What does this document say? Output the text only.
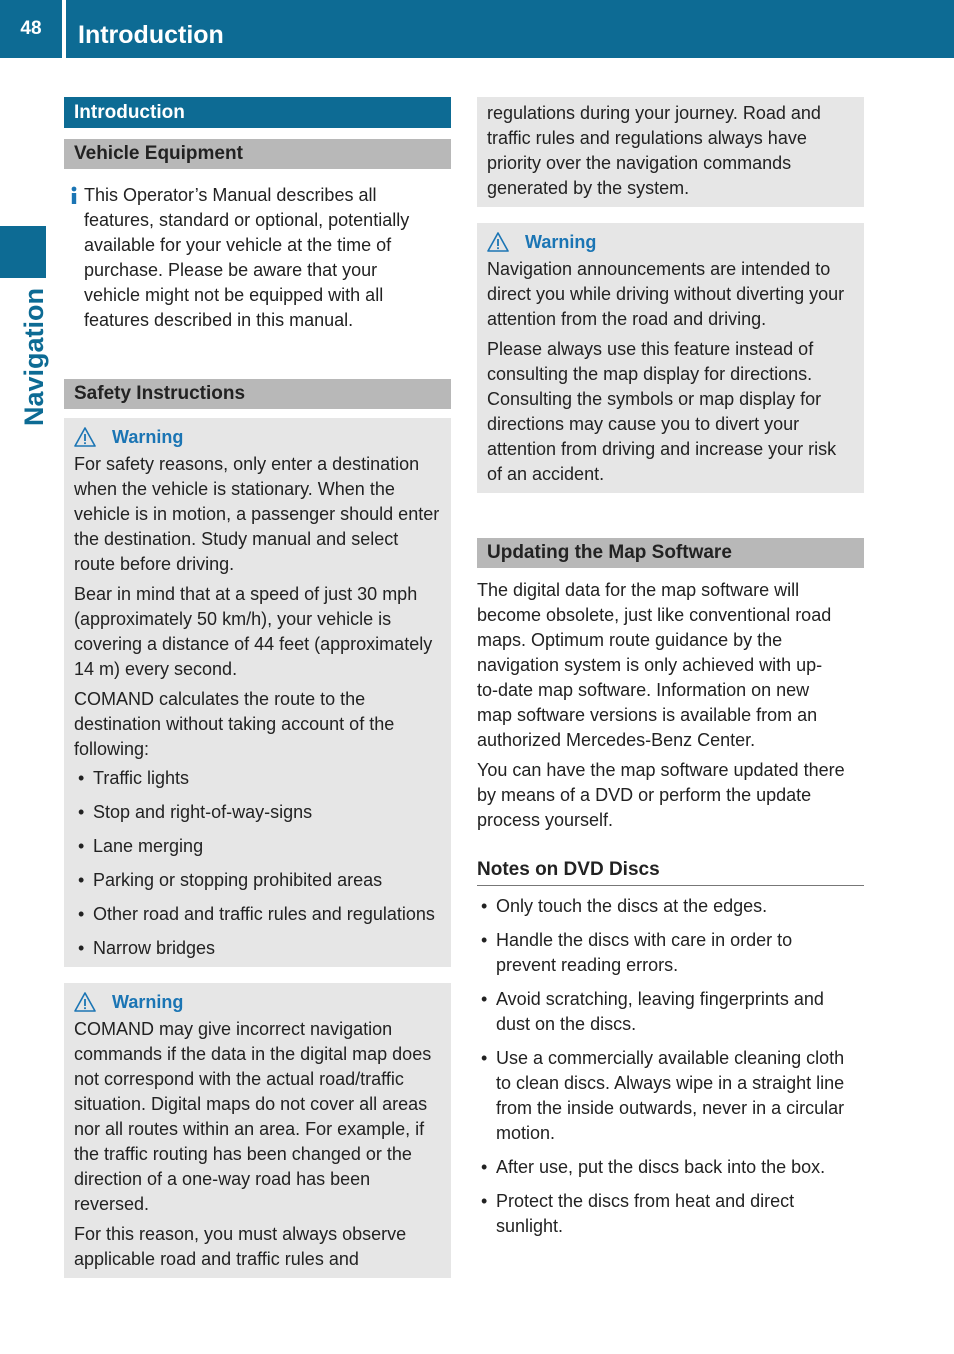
48	Introduction
Navigation
Introduction
Vehicle Equipment
This Operator’s Manual describes all
features, standard or optional, potentially
available for your vehicle at the time of
purchase. Please be aware that your
vehicle might not be equipped with all
features described in this manual.
Safety Instructions
Warning
For safety reasons, only enter a destination
when the vehicle is stationary. When the
vehicle is in motion, a passenger should enter
the destination. Study manual and select
route before driving.
Bear in mind that at a speed of just 30 mph
(approximately 50 km/h), your vehicle is
covering a distance of 44 feet (approximately
14 m) every second.
COMAND calculates the route to the
destination without taking account of the
following:
• Traffic lights
• Stop and right-of-way-signs
• Lane merging
• Parking or stopping prohibited areas
• Other road and traffic rules and regulations
• Narrow bridges
Warning
COMAND may give incorrect navigation
commands if the data in the digital map does
not correspond with the actual road/traffic
situation. Digital maps do not cover all areas
nor all routes within an area. For example, if
the traffic routing has been changed or the
direction of a one-way road has been
reversed.
For this reason, you must always observe
applicable road and traffic rules and
regulations during your journey. Road and
traffic rules and regulations always have
priority over the navigation commands
generated by the system.
Warning
Navigation announcements are intended to
direct you while driving without diverting your
attention from the road and driving.
Please always use this feature instead of
consulting the map display for directions.
Consulting the symbols or map display for
directions may cause you to divert your
attention from driving and increase your risk
of an accident.
Updating the Map Software
The digital data for the map software will
become obsolete, just like conventional road
maps. Optimum route guidance by the
navigation system is only achieved with up-
to-date map software. Information on new
map software versions is available from an
authorized Mercedes-Benz Center.
You can have the map software updated there
by means of a DVD or perform the update
process yourself.
Notes on DVD Discs
• Only touch the discs at the edges.
• Handle the discs with care in order to
prevent reading errors.
• Avoid scratching, leaving fingerprints and
dust on the discs.
• Use a commercially available cleaning cloth
to clean discs. Always wipe in a straight line
from the inside outwards, never in a circular
motion.
• After use, put the discs back into the box.
• Protect the discs from heat and direct
sunlight.
